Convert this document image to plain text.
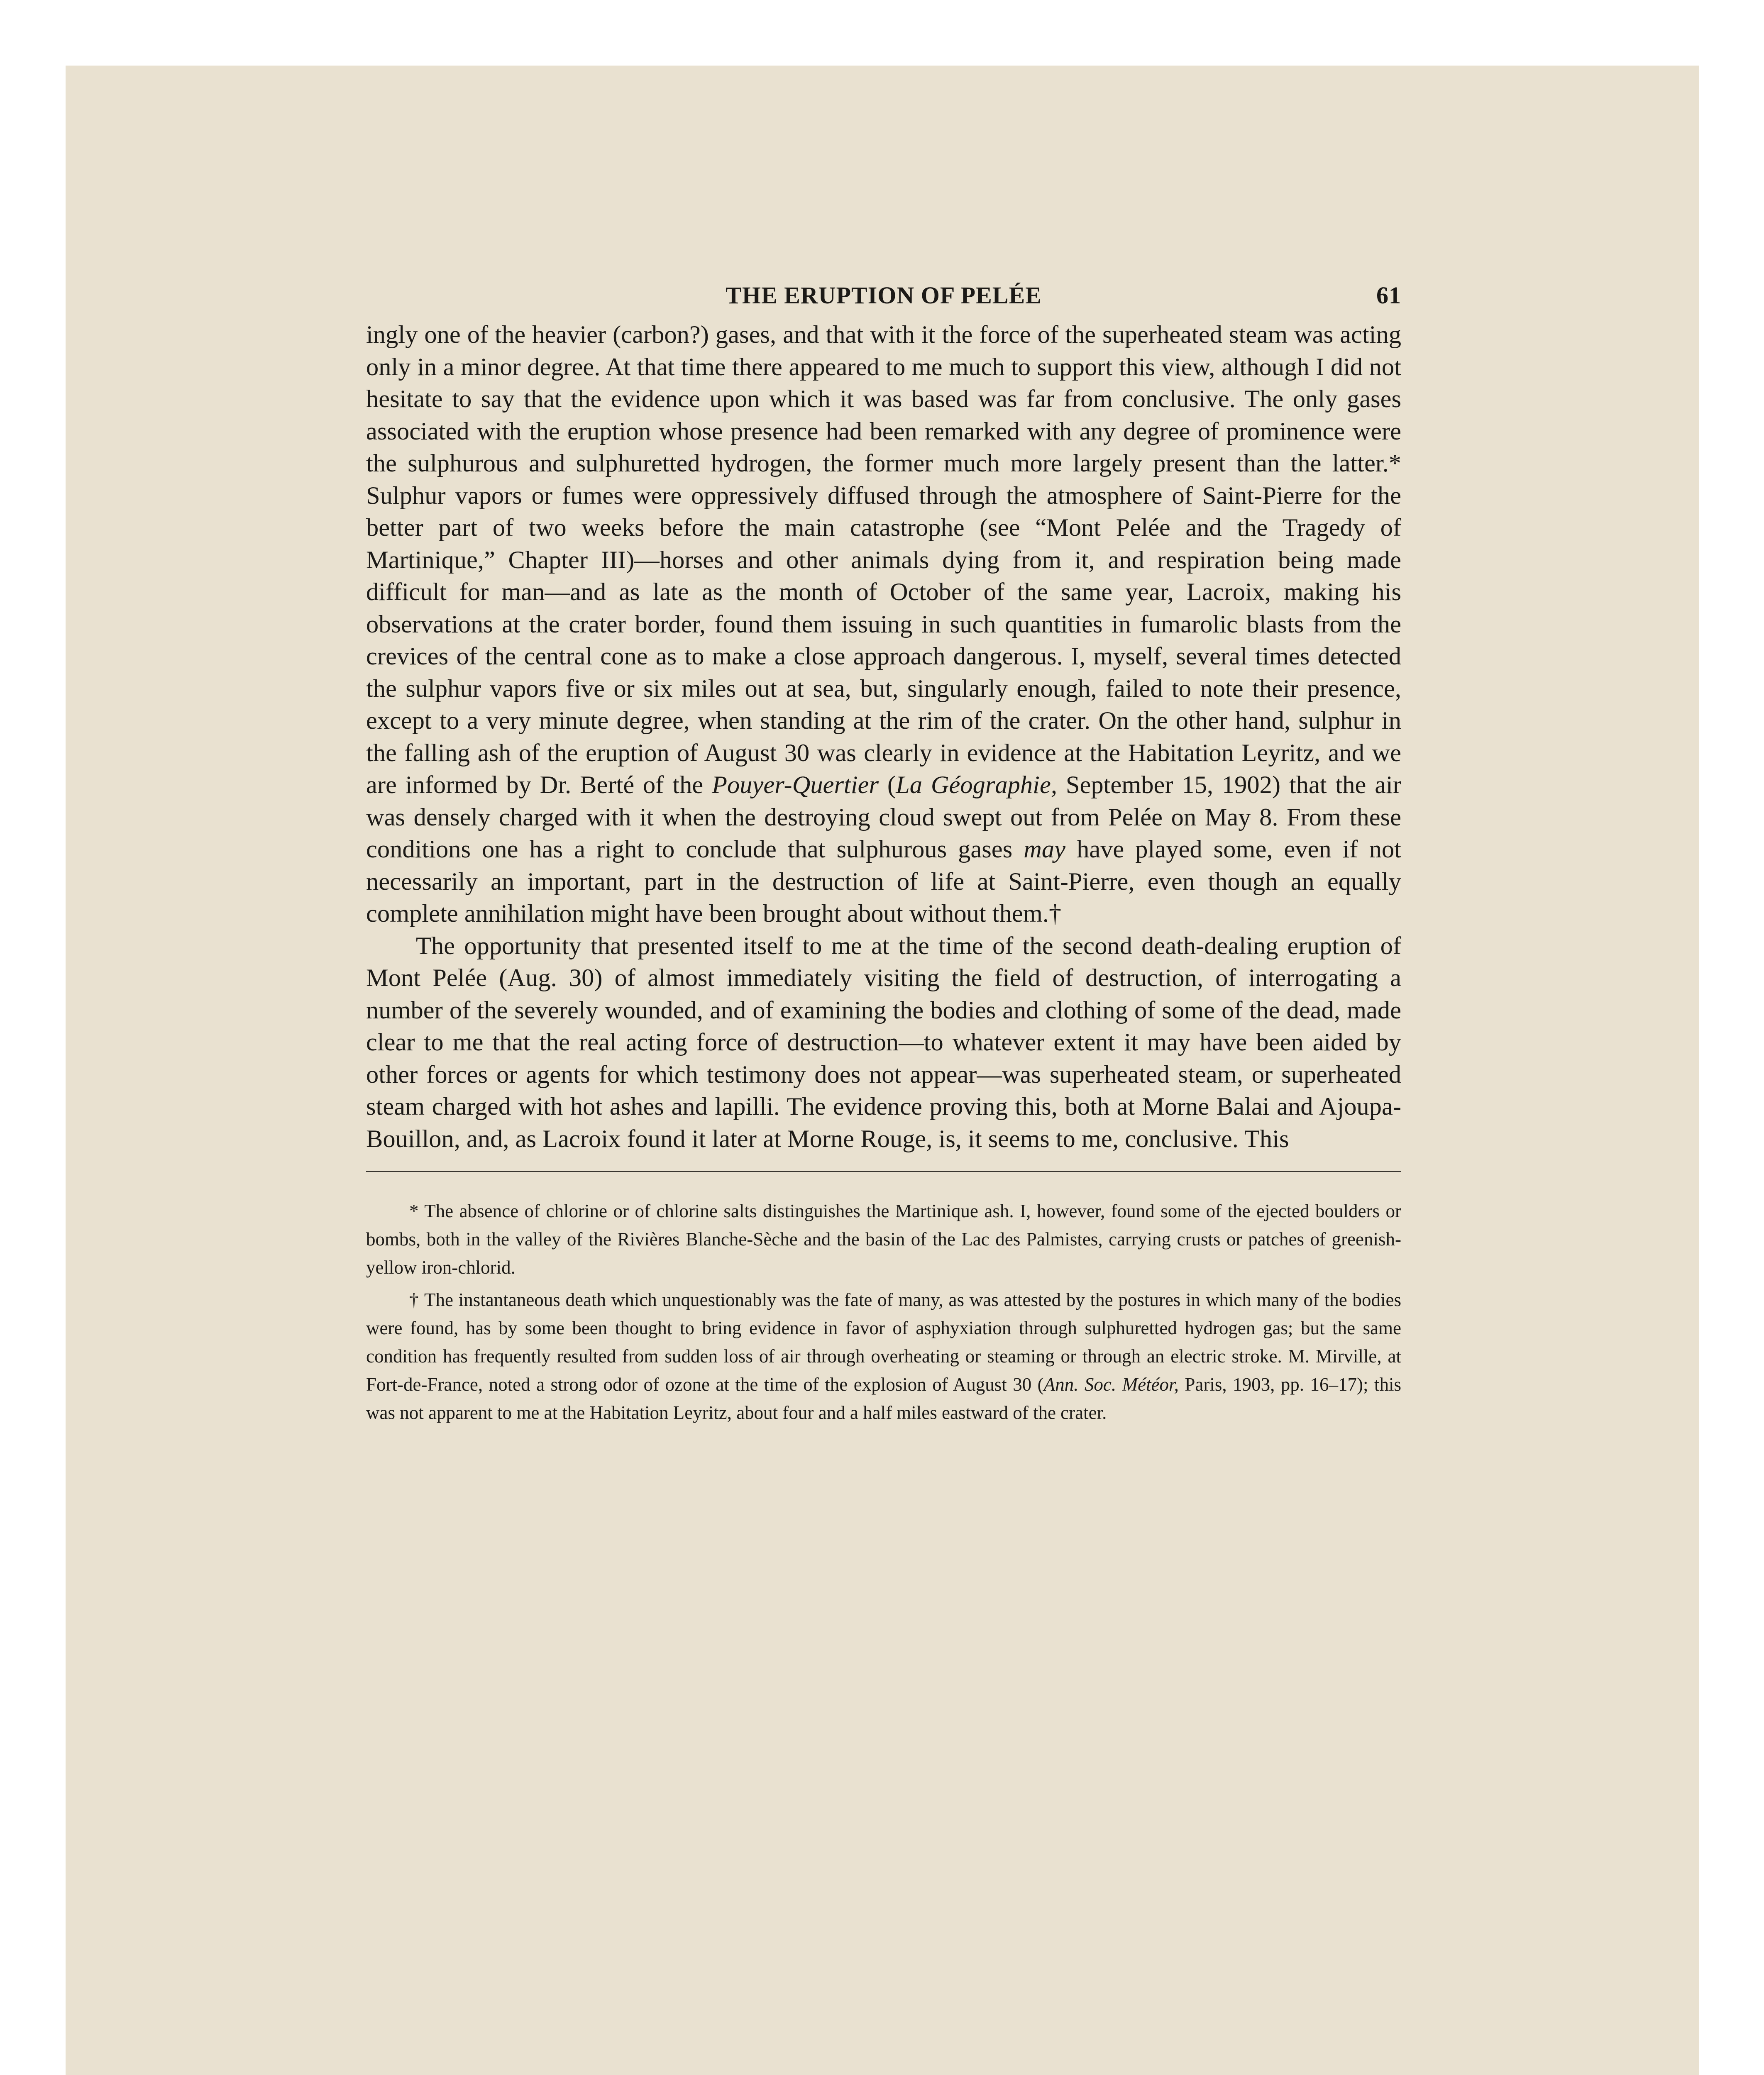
THE ERUPTION OF PELÉE	61

ingly one of the heavier (carbon?) gases, and that with it the force of the superheated steam was acting only in a minor degree. At that time there appeared to me much to support this view, although I did not hesitate to say that the evidence upon which it was based was far from conclusive. The only gases associated with the eruption whose presence had been remarked with any degree of prominence were the sulphurous and sulphuretted hydrogen, the former much more largely present than the latter.* Sulphur vapors or fumes were oppressively diffused through the atmosphere of Saint-Pierre for the better part of two weeks before the main catastrophe (see “Mont Pelée and the Tragedy of Martinique,” Chapter III)—horses and other animals dying from it, and respiration being made difficult for man—and as late as the month of October of the same year, Lacroix, making his observations at the crater border, found them issuing in such quantities in fumarolic blasts from the crevices of the central cone as to make a close approach dangerous. I, myself, several times detected the sulphur vapors five or six miles out at sea, but, singularly enough, failed to note their presence, except to a very minute degree, when standing at the rim of the crater. On the other hand, sulphur in the falling ash of the eruption of August 30 was clearly in evidence at the Habitation Leyritz, and we are informed by Dr. Berté of the Pouyer-Quertier (La Géographie, September 15, 1902) that the air was densely charged with it when the destroying cloud swept out from Pelée on May 8. From these conditions one has a right to conclude that sulphurous gases may have played some, even if not necessarily an important, part in the destruction of life at Saint-Pierre, even though an equally complete annihilation might have been brought about without them.†

The opportunity that presented itself to me at the time of the second death-dealing eruption of Mont Pelée (Aug. 30) of almost immediately visiting the field of destruction, of interrogating a number of the severely wounded, and of examining the bodies and clothing of some of the dead, made clear to me that the real acting force of destruction—to whatever extent it may have been aided by other forces or agents for which testimony does not appear—was superheated steam, or superheated steam charged with hot ashes and lapilli. The evidence proving this, both at Morne Balai and Ajoupa-Bouillon, and, as Lacroix found it later at Morne Rouge, is, it seems to me, conclusive. This

* The absence of chlorine or of chlorine salts distinguishes the Martinique ash. I, however, found some of the ejected boulders or bombs, both in the valley of the Rivières Blanche-Sèche and the basin of the Lac des Palmistes, carrying crusts or patches of greenish-yellow iron-chlorid.

† The instantaneous death which unquestionably was the fate of many, as was attested by the postures in which many of the bodies were found, has by some been thought to bring evidence in favor of asphyxiation through sulphuretted hydrogen gas; but the same condition has frequently resulted from sudden loss of air through overheating or steaming or through an electric stroke. M. Mirville, at Fort-de-France, noted a strong odor of ozone at the time of the explosion of August 30 (Ann. Soc. Météor, Paris, 1903, pp. 16–17); this was not apparent to me at the Habitation Leyritz, about four and a half miles eastward of the crater.
